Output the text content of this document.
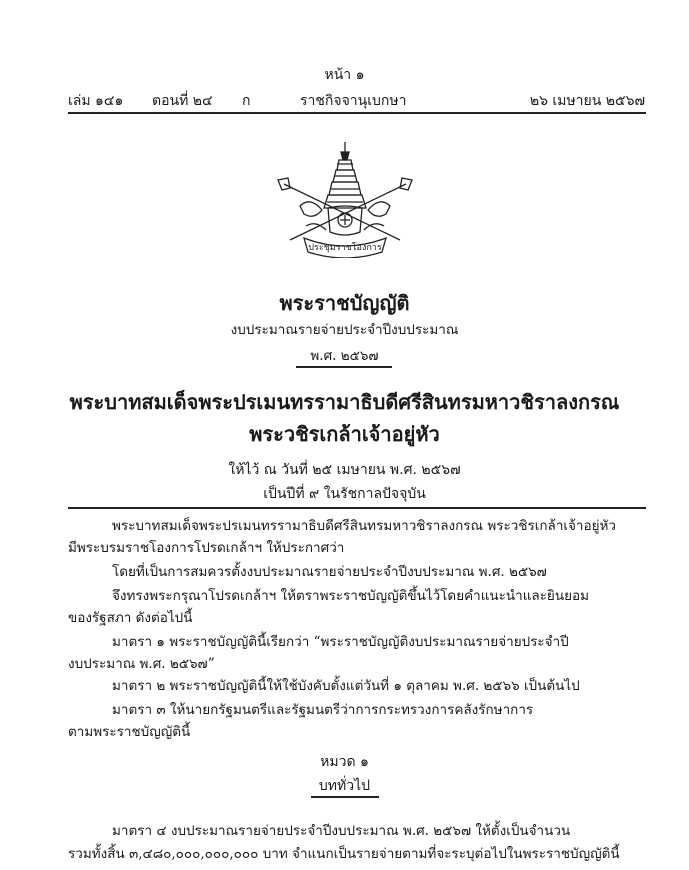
หน้า ๑
เล่ม ๑๔๑ ตอนที่ ๒๔ ก	ราชกิจจานุเบกษา	๒๖ เมษายน ๒๕๖๗
ประชุมราชโองการ
พระราชบัญญัติ
งบประมาณรายจ่ายประจำปีงบประมาณ
พ.ศ. ๒๕๖๗
พระบาทสมเด็จพระปรเมนทรรามาธิบดีศรีสินทรมหาวชิราลงกรณ
พระวชิรเกล้าเจ้าอยู่หัว
ให้ไว้ ณ วันที่ ๒๕ เมษายน พ.ศ. ๒๕๖๗
เป็นปีที่ ๙ ในรัชกาลปัจจุบัน
พระบาทสมเด็จพระปรเมนทรรามาธิบดีศรีสินทรมหาวชิราลงกรณ พระวชิรเกล้าเจ้าอยู่หัว
มีพระบรมราชโองการโปรดเกล้าฯ ให้ประกาศว่า
โดยที่เป็นการสมควรตั้งงบประมาณรายจ่ายประจำปีงบประมาณ พ.ศ. ๒๕๖๗
จึงทรงพระกรุณาโปรดเกล้าฯ ให้ตราพระราชบัญญัติขึ้นไว้โดยคำแนะนำและยินยอม
ของรัฐสภา ดังต่อไปนี้
มาตรา ๑ พระราชบัญญัตินี้เรียกว่า “พระราชบัญญัติงบประมาณรายจ่ายประจำปี
งบประมาณ พ.ศ. ๒๕๖๗”
มาตรา ๒ พระราชบัญญัตินี้ให้ใช้บังคับตั้งแต่วันที่ ๑ ตุลาคม พ.ศ. ๒๕๖๖ เป็นต้นไป
มาตรา ๓ ให้นายกรัฐมนตรีและรัฐมนตรีว่าการกระทรวงการคลังรักษาการ
ตามพระราชบัญญัตินี้
หมวด ๑
บททั่วไป
มาตรา ๔ งบประมาณรายจ่ายประจำปีงบประมาณ พ.ศ. ๒๕๖๗ ให้ตั้งเป็นจำนวน
รวมทั้งสิ้น ๓,๔๘๐,๐๐๐,๐๐๐,๐๐๐ บาท จำแนกเป็นรายจ่ายตามที่จะระบุต่อไปในพระราชบัญญัตินี้
